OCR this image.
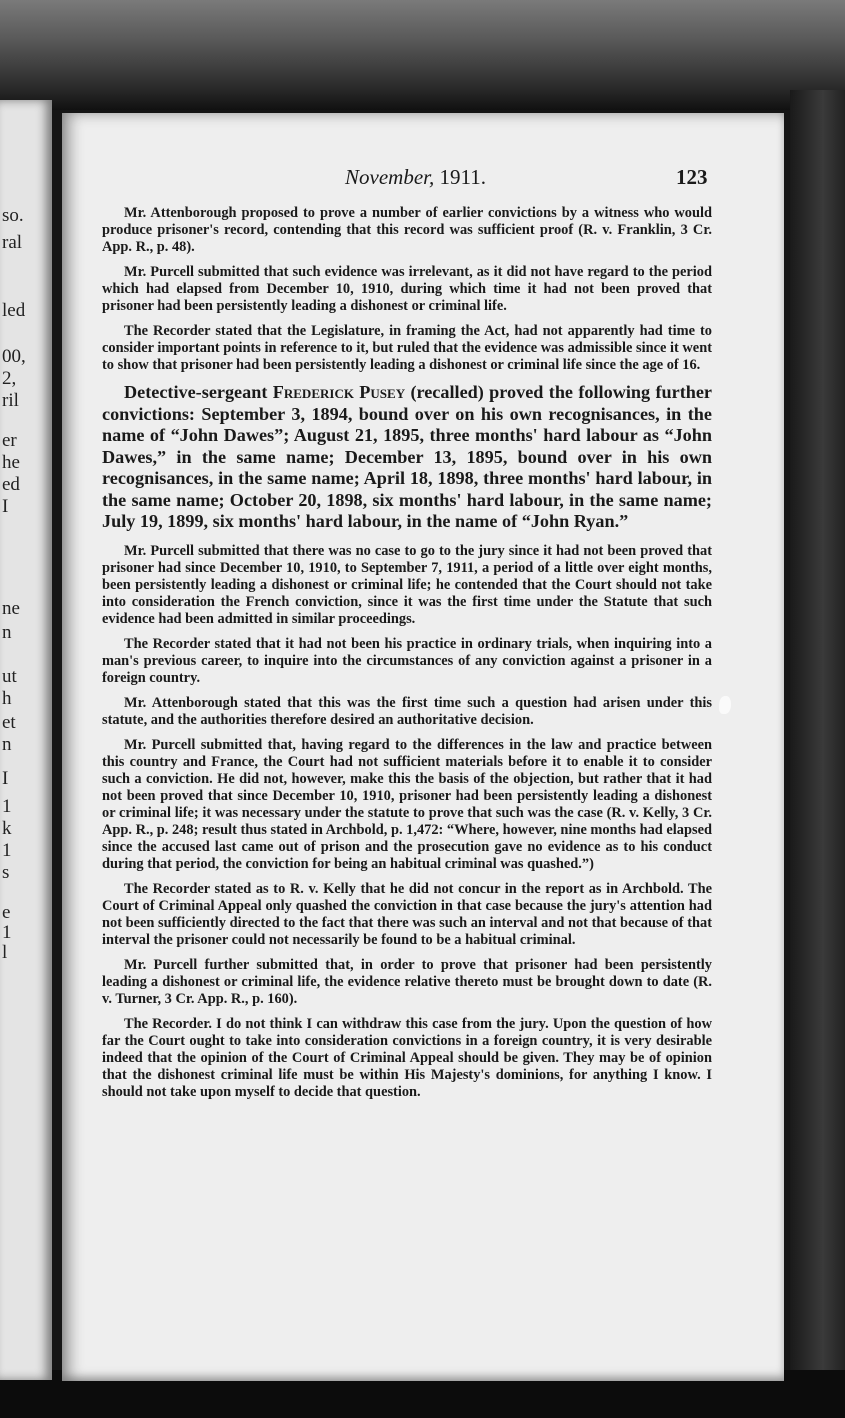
so.
ral
led
00,
2,
ril
er
he
ed
I
ne
n
ut
h
et
n
I
1
k
1
s
e
1
l
November, 1911.	123

Mr. Attenborough proposed to prove a number of earlier convictions by a witness who would produce prisoner's record, contending that this record was sufficient proof (R. v. Franklin, 3 Cr. App. R., p. 48).

Mr. Purcell submitted that such evidence was irrelevant, as it did not have regard to the period which had elapsed from December 10, 1910, during which time it had not been proved that prisoner had been persistently leading a dishonest or criminal life.

The Recorder stated that the Legislature, in framing the Act, had not apparently had time to consider important points in reference to it, but ruled that the evidence was admissible since it went to show that prisoner had been persistently leading a dishonest or criminal life since the age of 16.

Detective-sergeant Frederick Pusey (recalled) proved the following further convictions: September 3, 1894, bound over on his own recognisances, in the name of “John Dawes”; August 21, 1895, three months' hard labour as “John Dawes,” in the same name; December 13, 1895, bound over in his own recognisances, in the same name; April 18, 1898, three months' hard labour, in the same name; October 20, 1898, six months' hard labour, in the same name; July 19, 1899, six months' hard labour, in the name of “John Ryan.”

Mr. Purcell submitted that there was no case to go to the jury since it had not been proved that prisoner had since December 10, 1910, to September 7, 1911, a period of a little over eight months, been persistently leading a dishonest or criminal life; he contended that the Court should not take into consideration the French conviction, since it was the first time under the Statute that such evidence had been admitted in similar proceedings.

The Recorder stated that it had not been his practice in ordinary trials, when inquiring into a man's previous career, to inquire into the circumstances of any conviction against a prisoner in a foreign country.

Mr. Attenborough stated that this was the first time such a question had arisen under this statute, and the authorities therefore desired an authoritative decision.

Mr. Purcell submitted that, having regard to the differences in the law and practice between this country and France, the Court had not sufficient materials before it to enable it to consider such a conviction. He did not, however, make this the basis of the objection, but rather that it had not been proved that since December 10, 1910, prisoner had been persistently leading a dishonest or criminal life; it was necessary under the statute to prove that such was the case (R. v. Kelly, 3 Cr. App. R., p. 248; result thus stated in Archbold, p. 1,472: “Where, however, nine months had elapsed since the accused last came out of prison and the prosecution gave no evidence as to his conduct during that period, the conviction for being an habitual criminal was quashed.”)

The Recorder stated as to R. v. Kelly that he did not concur in the report as in Archbold. The Court of Criminal Appeal only quashed the conviction in that case because the jury's attention had not been sufficiently directed to the fact that there was such an interval and not that because of that interval the prisoner could not necessarily be found to be a habitual criminal.

Mr. Purcell further submitted that, in order to prove that prisoner had been persistently leading a dishonest or criminal life, the evidence relative thereto must be brought down to date (R. v. Turner, 3 Cr. App. R., p. 160).

The Recorder. I do not think I can withdraw this case from the jury. Upon the question of how far the Court ought to take into consideration convictions in a foreign country, it is very desirable indeed that the opinion of the Court of Criminal Appeal should be given. They may be of opinion that the dishonest criminal life must be within His Majesty's dominions, for anything I know. I should not take upon myself to decide that question.
